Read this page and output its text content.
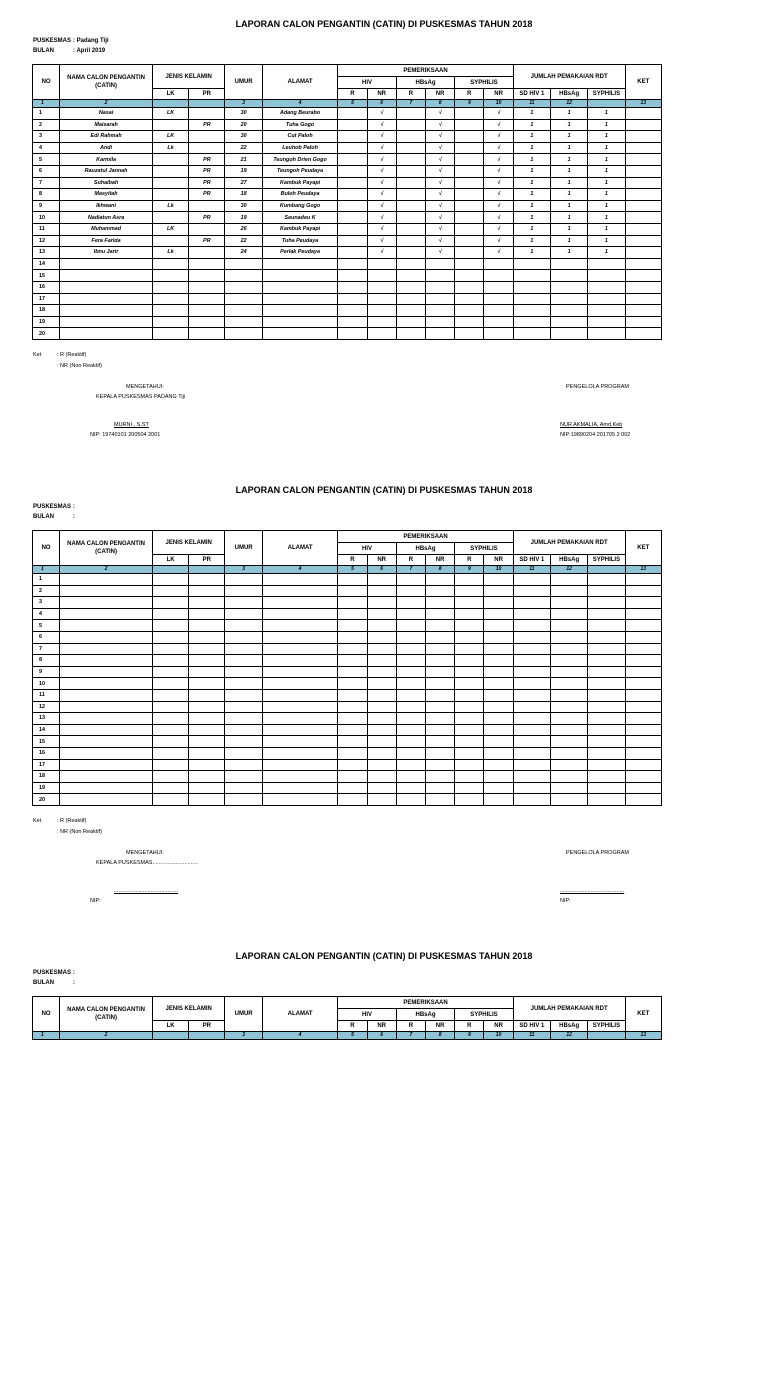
LAPORAN CALON PENGANTIN (CATIN) DI PUSKESMAS TAHUN 2018
PUSKESMAS : Padang Tiji
BULAN	: April 2019
NO	NAMA CALON PENGANTIN (CATIN)	JENIS KELAMIN		UMUR	ALAMAT	PEMERIKSAAN						JUMLAH PEMAKAIAN RDT			KET
						HIV		HBsAg		SYPHILIS					
		LK	PR			R	NR	R	NR	R	NR	SD HIV 1	HBsAg	SYPHILIS	
1	2			3	4	5	6	7	8	9	10	11	12		13
1	Nasai	LK		30	Adang Beurabo		√		√		√	1	1	1	
2	Maisarah		PR	20	Tuha Gogo		√		√		√	1	1	1	
3	Edi Rahmah	LK		30	Cut Paloh		√		√		√	1	1	1	
4	Andi	Lk		22	Leuhob Paloh		√		√		√	1	1	1	
5	Karmila		PR	21	Teungoh Drien Gogo		√		√		√	1	1	1	
6	Rauzatul Jannah		PR	19	Teungoh Peudaya		√		√		√	1	1	1	
7	Suhaibah		PR	27	Kambuk Payapi		√		√		√	1	1	1	
8	Masyitah		PR	18	Buloh Peudaya		√		√		√	1	1	1	
9	Ikhwani	Lk		30	Kumbang Gogo		√		√		√	1	1	1	
10	Nadiatun Asra		PR	19	Seunadeu K		√		√		√	1	1	1	
11	Muhammad	LK		26	Kambuk Payapi		√		√		√	1	1	1	
12	Fera Farida		PR	22	Tuha Peudaya		√		√		√	1	1	1	
13	Ibnu Jarir	Lk		24	Perlak Peudaya		√		√		√	1	1	1	
14															
15															
16															
17															
18															
19															
20															
Ket	: R (Reaktif)
: NR (Non Reaktif)
MENGETAHUI:
KEPALA PUSKESMAS PADANG Tiji
MURNI , S.ST
NIP: 19740101 200504 2001
PENGELOLA PROGRAM
NUR AKMALIA, Amd.Keb
NIP:19890204 201705 2 002
LAPORAN CALON PENGANTIN (CATIN) DI PUSKESMAS TAHUN 2018
PUSKESMAS :
BULAN	:
NO	NAMA CALON PENGANTIN (CATIN)	JENIS KELAMIN		UMUR	ALAMAT	PEMERIKSAAN						JUMLAH PEMAKAIAN RDT			KET
						HIV		HBsAg		SYPHILIS					
		LK	PR			R	NR	R	NR	R	NR	SD HIV 1	HBsAg	SYPHILIS	
1	2			3	4	5	6	7	8	9	10	11	12		13
1															
2															
3															
4															
5															
6															
7															
8															
9															
10															
11															
12															
13															
14															
15															
16															
17															
18															
19															
20															
Ket	: R (Reaktif)
: NR (Non Reaktif)
MENGETAHUI:
KEPALA PUSKESMAS..............................
..........................................
NIP:
PENGELOLA PROGRAM
..........................................
NIP:
LAPORAN CALON PENGANTIN (CATIN) DI PUSKESMAS TAHUN 2018
PUSKESMAS :
BULAN	:
NO	NAMA CALON PENGANTIN (CATIN)	JENIS KELAMIN		UMUR	ALAMAT	PEMERIKSAAN						JUMLAH PEMAKAIAN RDT			KET
						HIV		HBsAg		SYPHILIS					
		LK	PR			R	NR	R	NR	R	NR	SD HIV 1	HBsAg	SYPHILIS	
1	2			3	4	5	6	7	8	9	10	11	12		13
